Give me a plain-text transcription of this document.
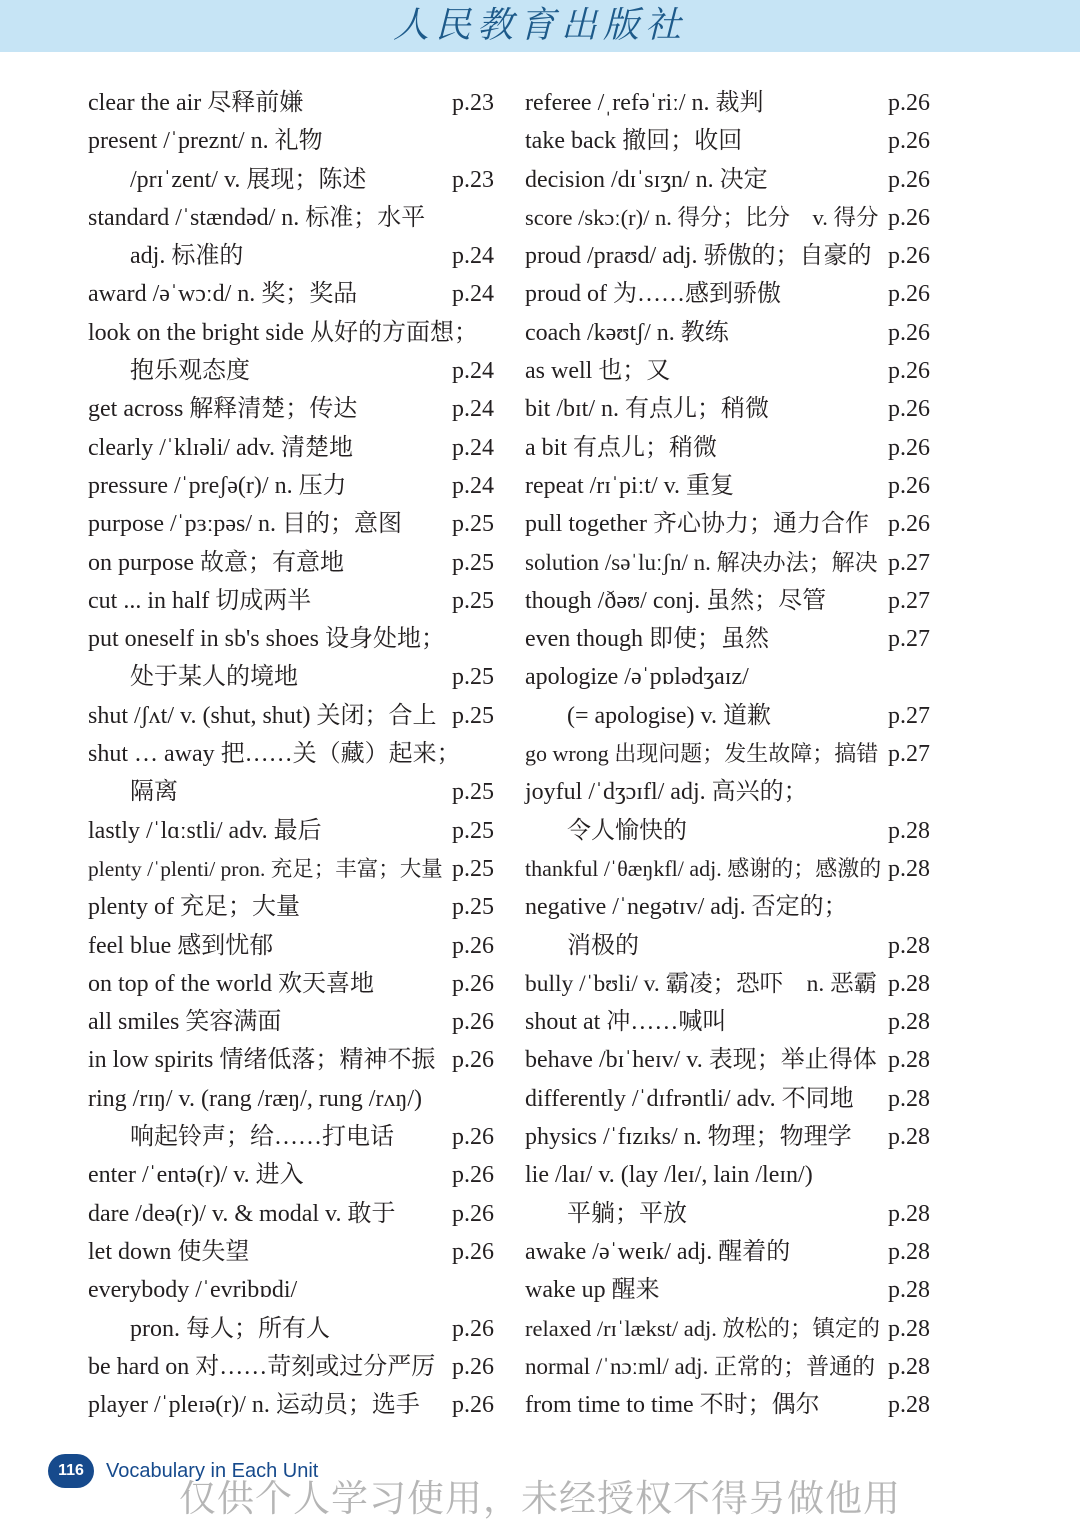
人民教育出版社
clear the air 尽释前嫌	p.23
present /ˈpreznt/ n. 礼物
/prɪˈzent/ v. 展现；陈述	p.23
standard /ˈstændəd/ n. 标准；水平
adj. 标准的	p.24
award /əˈwɔːd/ n. 奖；奖品	p.24
look on the bright side 从好的方面想；
抱乐观态度	p.24
get across 解释清楚；传达	p.24
clearly /ˈklɪəli/ adv. 清楚地	p.24
pressure /ˈpreʃə(r)/ n. 压力	p.24
purpose /ˈpɜːpəs/ n. 目的；意图 p.25
on purpose 故意；有意地	p.25
cut ... in half 切成两半	p.25
put oneself in sb's shoes 设身处地；
处于某人的境地	p.25
shut /ʃʌt/ v. (shut, shut) 关闭；合上 p.25
shut … away 把……关（藏）起来；
隔离	p.25
lastly /ˈlɑːstli/ adv. 最后	p.25
plenty /ˈplenti/ pron. 充足；丰富；大量 p.25
plenty of 充足；大量	p.25
feel blue 感到忧郁	p.26
on top of the world 欢天喜地	p.26
all smiles 笑容满面	p.26
in low spirits 情绪低落；精神不振 p.26
ring /rɪŋ/ v. (rang /ræŋ/, rung /rʌŋ/)
响起铃声；给……打电话 p.26
enter /ˈentə(r)/ v. 进入	p.26
dare /deə(r)/ v. & modal v. 敢于 p.26
let down 使失望	p.26
everybody /ˈevribɒdi/
pron. 每人；所有人	p.26
be hard on 对……苛刻或过分严厉 p.26
player /ˈpleɪə(r)/ n. 运动员；选手 p.26
referee /ˌrefəˈriː/ n. 裁判	p.26
take back 撤回；收回	p.26
decision /dɪˈsɪʒn/ n. 决定	p.26
score /skɔː(r)/ n. 得分；比分　v. 得分 p.26
proud /praʊd/ adj. 骄傲的；自豪的 p.26
proud of 为……感到骄傲	p.26
coach /kəʊtʃ/ n. 教练	p.26
as well 也；又	p.26
bit /bɪt/ n. 有点儿；稍微	p.26
a bit 有点儿；稍微	p.26
repeat /rɪˈpiːt/ v. 重复	p.26
pull together 齐心协力；通力合作 p.26
solution /səˈluːʃn/ n. 解决办法；解决 p.27
though /ðəʊ/ conj. 虽然；尽管	p.27
even though 即使；虽然	p.27
apologize /əˈpɒlədʒaɪz/
(= apologise) v. 道歉	p.27
go wrong 出现问题；发生故障；搞错 p.27
joyful /ˈdʒɔɪfl/ adj. 高兴的；
令人愉快的	p.28
thankful /ˈθæŋkfl/ adj. 感谢的；感激的 p.28
negative /ˈnegətɪv/ adj. 否定的；
消极的	p.28
bully /ˈbʊli/ v. 霸凌；恐吓　n. 恶霸 p.28
shout at 冲……喊叫	p.28
behave /bɪˈheɪv/ v. 表现；举止得体 p.28
differently /ˈdɪfrəntli/ adv. 不同地 p.28
physics /ˈfɪzɪks/ n. 物理；物理学 p.28
lie /laɪ/ v. (lay /leɪ/, lain /leɪn/)
平躺；平放	p.28
awake /əˈweɪk/ adj. 醒着的	p.28
wake up 醒来	p.28
relaxed /rɪˈlækst/ adj. 放松的；镇定的 p.28
normal /ˈnɔːml/ adj. 正常的；普通的 p.28
from time to time 不时；偶尔	p.28
116	Vocabulary in Each Unit
仅供个人学习使用，未经授权不得另做他用
